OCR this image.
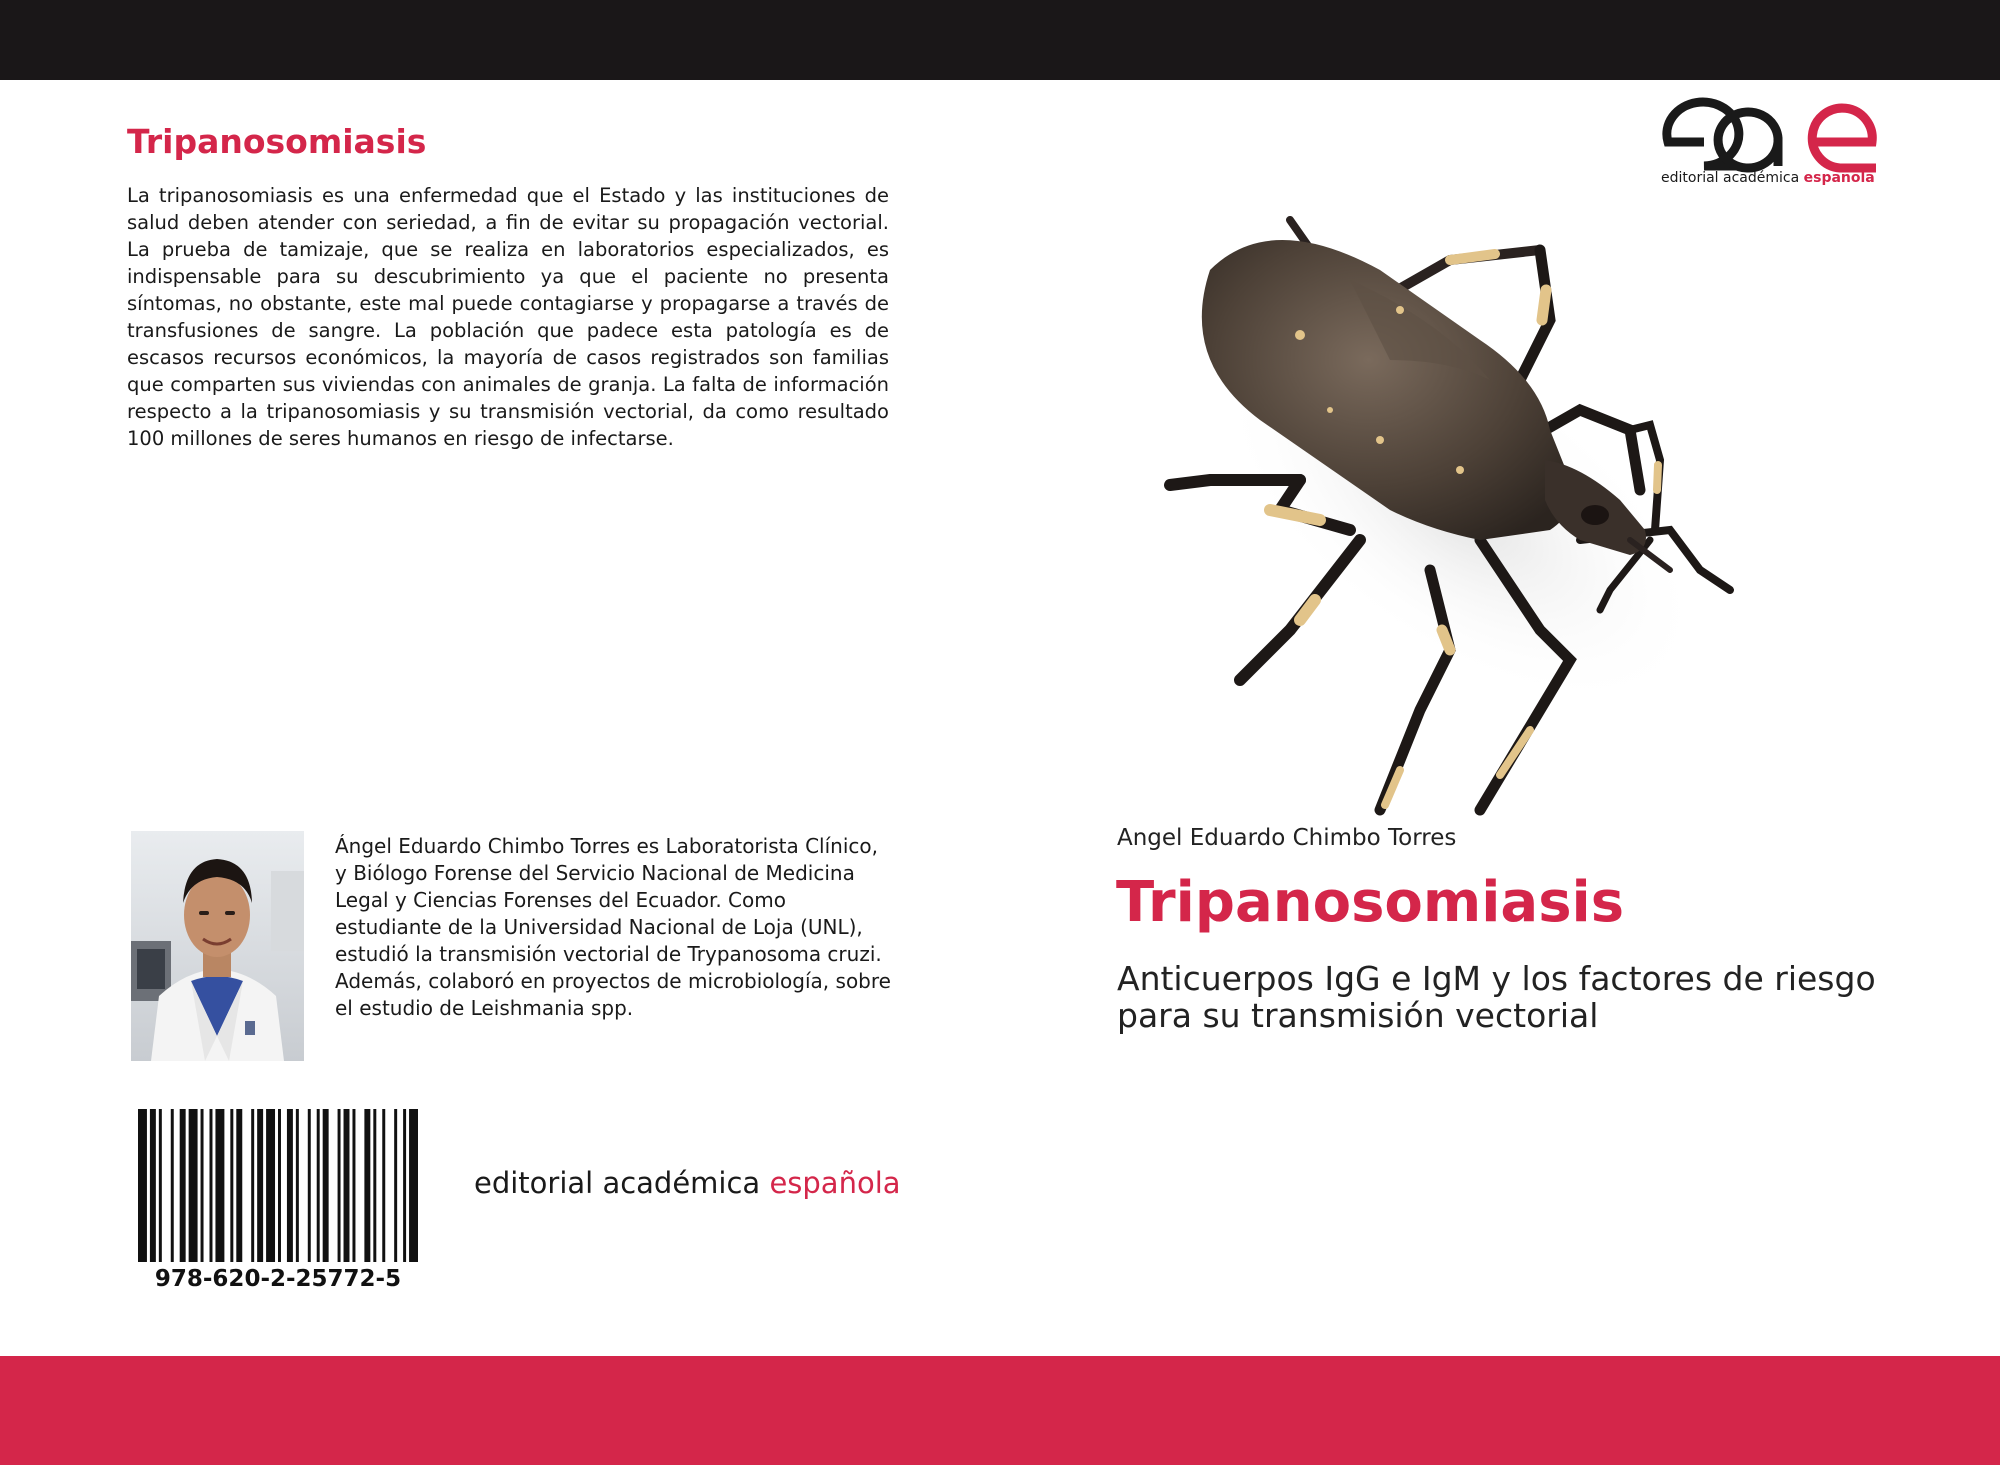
Tripanosomiasis

La tripanosomiasis es una enfermedad que el Estado y las instituciones de salud deben atender con seriedad, a fin de evitar su propagación vectorial. La prueba de tamizaje, que se realiza en laboratorios especializados, es indispensable para su descubrimiento ya que el paciente no presenta síntomas, no obstante, este mal puede contagiarse y propagarse a través de transfusiones de sangre. La población que padece esta patología es de escasos recursos económicos, la mayoría de casos registrados son familias que comparten sus viviendas con animales de granja. La falta de información respecto a la tripanosomiasis y su transmisión vectorial, da como resultado 100 millones de seres humanos en riesgo de infectarse.

Ángel Eduardo Chimbo Torres es Laboratorista Clínico, y Biólogo Forense del Servicio Nacional de Medicina Legal y Ciencias Forenses del Ecuador. Como estudiante de la Universidad Nacional de Loja (UNL), estudió la transmisión vectorial de Trypanosoma cruzi. Además, colaboró en proyectos de microbiología, sobre el estudio de Leishmania spp.

978-620-2-25772-5
editorial académica española
editorial académica española
Angel Eduardo Chimbo Torres
Tripanosomiasis

Anticuerpos IgG e IgM y los factores de riesgo para su transmisión vectorial
